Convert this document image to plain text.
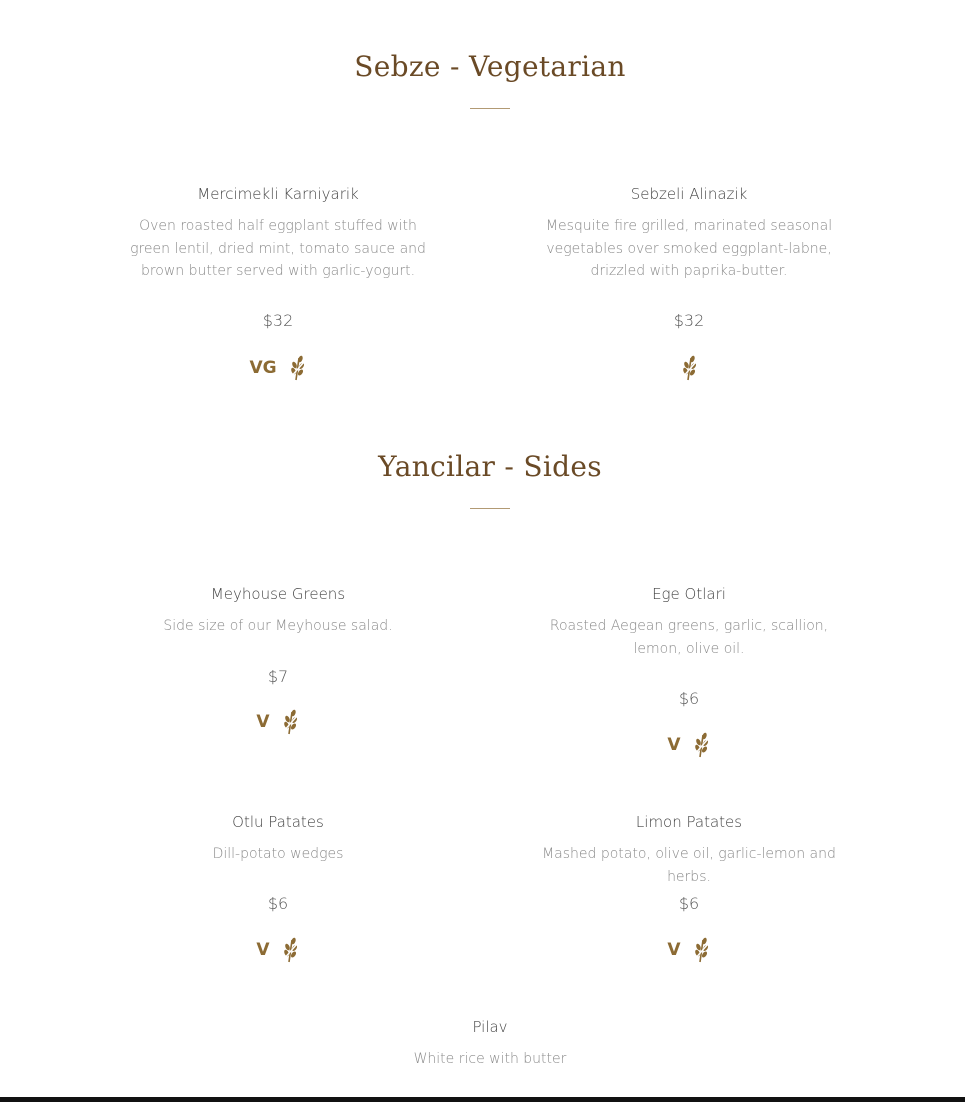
Sebze - Vegetarian
Mercimekli Karniyarik
Oven roasted half eggplant stuffed with green lentil, dried mint, tomato sauce and brown butter served with garlic-yogurt.
$32
VG
Sebzeli Alinazik
Mesquite fire grilled, marinated seasonal vegetables over smoked eggplant-labne, drizzled with paprika-butter.
$32
Yancilar - Sides
Meyhouse Greens
Side size of our Meyhouse salad.
$7
V
Ege Otlari
Roasted Aegean greens, garlic, scallion, lemon, olive oil.
$6
V
Otlu Patates
Dill-potato wedges
$6
V
Limon Patates
Mashed potato, olive oil, garlic-lemon and herbs.
$6
V
Pilav
White rice with butter
